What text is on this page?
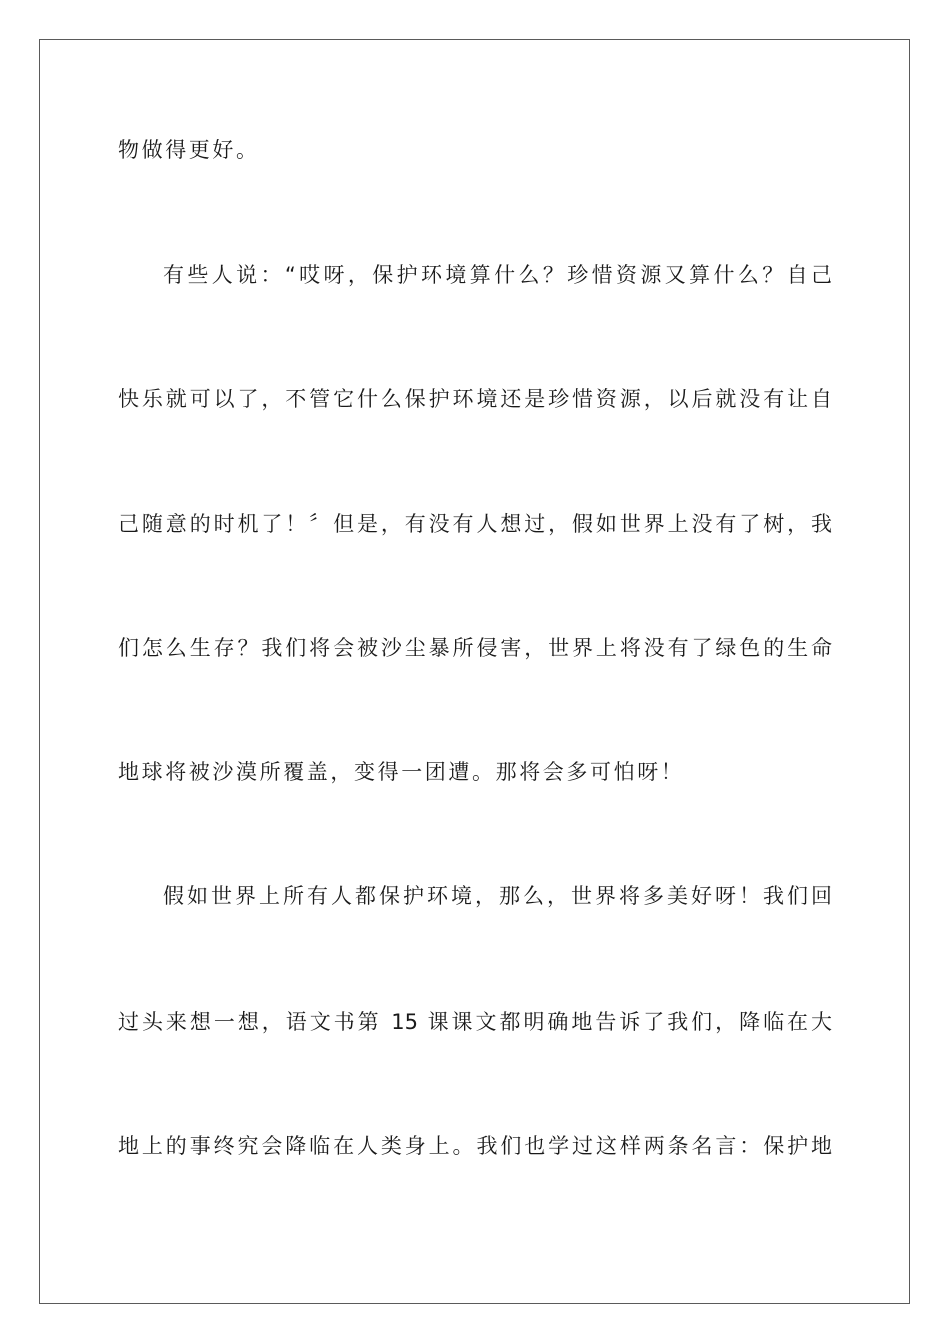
物做得更好。

有些人说：“哎呀，保护环境算什么？珍惜资源又算什么？自己

快乐就可以了，不管它什么保护环境还是珍惜资源，以后就没有让自

己随意的时机了！〞但是，有没有人想过，假如世界上没有了树，我

们怎么生存？我们将会被沙尘暴所侵害，世界上将没有了绿色的生命

地球将被沙漠所覆盖，变得一团遭。那将会多可怕呀！

假如世界上所有人都保护环境，那么，世界将多美好呀！我们回

过头来想一想，语文书第 15 课课文都明确地告诉了我们，降临在大

地上的事终究会降临在人类身上。我们也学过这样两条名言：保护地
